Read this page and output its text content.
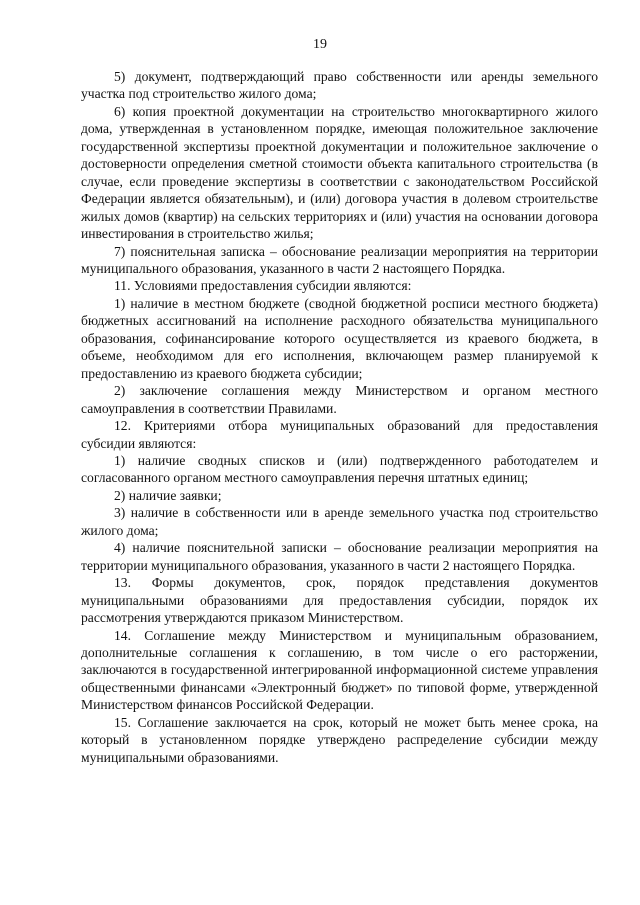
19

5) документ, подтверждающий право собственности или аренды земельного участка под строительство жилого дома;

6) копия проектной документации на строительство многоквартирного жилого дома, утвержденная в установленном порядке, имеющая положительное заключение государственной экспертизы проектной документации и положительное заключение о достоверности определения сметной стоимости объекта капитального строительства (в случае, если проведение экспертизы в соответствии с законодательством Российской Федерации является обязательным), и (или) договора участия в долевом строительстве жилых домов (квартир) на сельских территориях и (или) участия на основании договора инвестирования в строительство жилья;

7) пояснительная записка – обоснование реализации мероприятия на территории муниципального образования, указанного в части 2 настоящего Порядка.

11. Условиями предоставления субсидии являются:

1) наличие в местном бюджете (сводной бюджетной росписи местного бюджета) бюджетных ассигнований на исполнение расходного обязательства муниципального образования, софинансирование которого осуществляется из краевого бюджета, в объеме, необходимом для его исполнения, включающем размер планируемой к предоставлению из краевого бюджета субсидии;

2) заключение соглашения между Министерством и органом местного самоуправления в соответствии Правилами.

12. Критериями отбора муниципальных образований для предоставления субсидии являются:

1) наличие сводных списков и (или) подтвержденного работодателем и согласованного органом местного самоуправления перечня штатных единиц;

2) наличие заявки;

3) наличие в собственности или в аренде земельного участка под строительство жилого дома;

4) наличие пояснительной записки – обоснование реализации мероприятия на территории муниципального образования, указанного в части 2 настоящего Порядка.

13. Формы документов, срок, порядок представления документов муниципальными образованиями для предоставления субсидии, порядок их рассмотрения утверждаются приказом Министерством.

14. Соглашение между Министерством и муниципальным образованием, дополнительные соглашения к соглашению, в том числе о его расторжении, заключаются в государственной интегрированной информационной системе управления общественными финансами «Электронный бюджет» по типовой форме, утвержденной Министерством финансов Российской Федерации.

15. Соглашение заключается на срок, который не может быть менее срока, на который в установленном порядке утверждено распределение субсидии между муниципальными образованиями.
